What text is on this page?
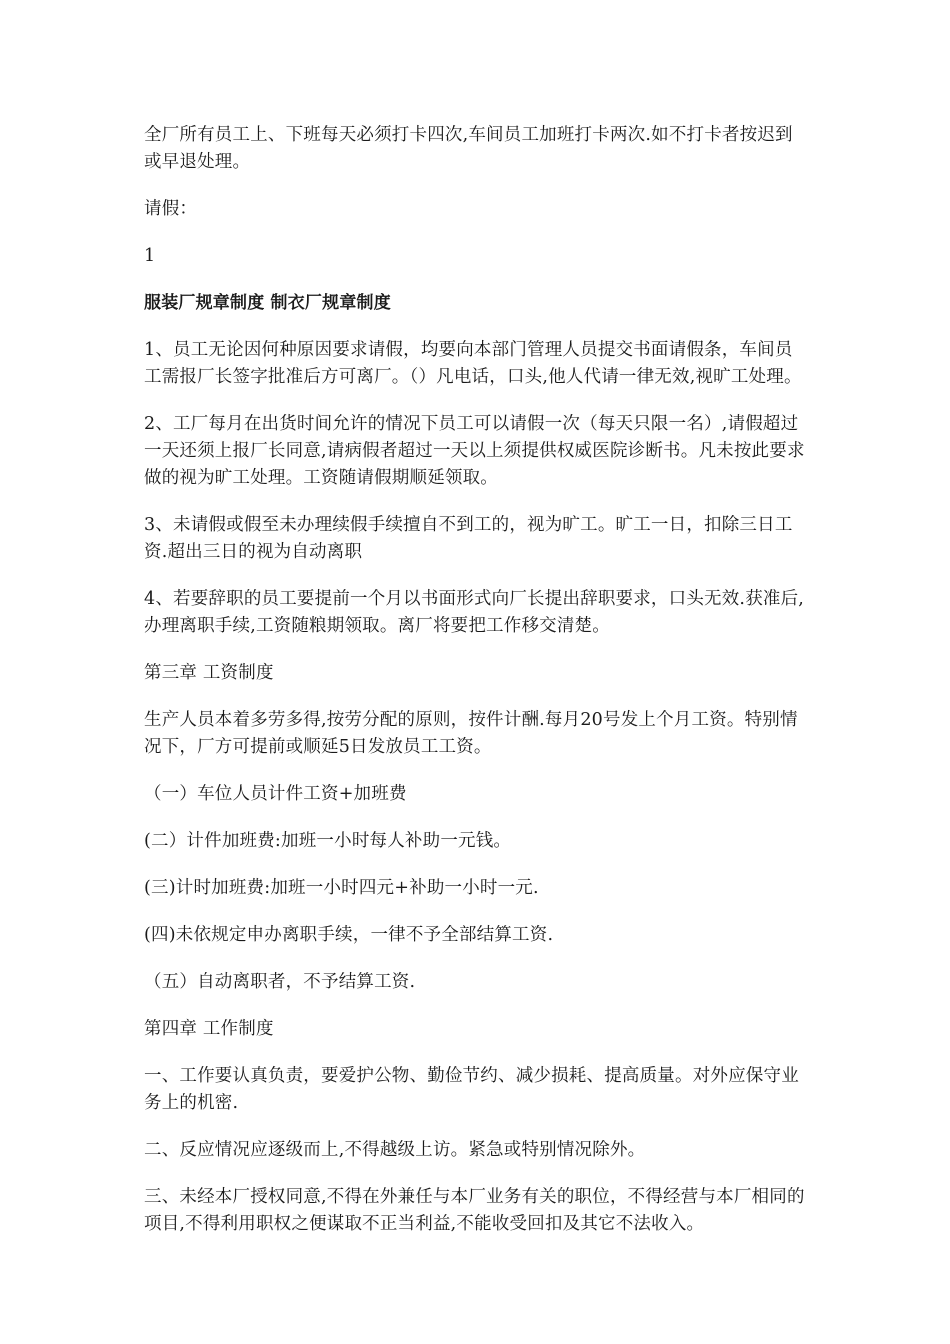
全厂所有员工上、下班每天必须打卡四次,车间员工加班打卡两次.如不打卡者按迟到或早退处理。

请假：

1

服装厂规章制度 制衣厂规章制度

1、员工无论因何种原因要求请假，均要向本部门管理人员提交书面请假条，车间员工需报厂长签字批准后方可离厂。（）凡电话，口头,他人代请一律无效,视旷工处理。

2、工厂每月在出货时间允许的情况下员工可以请假一次（每天只限一名）,请假超过一天还须上报厂长同意,请病假者超过一天以上须提供权威医院诊断书。凡未按此要求做的视为旷工处理。工资随请假期顺延领取。

3、未请假或假至未办理续假手续擅自不到工的，视为旷工。旷工一日，扣除三日工资.超出三日的视为自动离职

4、若要辞职的员工要提前一个月以书面形式向厂长提出辞职要求，口头无效.获准后,办理离职手续,工资随粮期领取。离厂将要把工作移交清楚。

第三章 工资制度

生产人员本着多劳多得,按劳分配的原则，按件计酬.每月20号发上个月工资。特别情况下，厂方可提前或顺延5日发放员工工资。

（一）车位人员计件工资+加班费

(二）计件加班费:加班一小时每人补助一元钱。

(三)计时加班费:加班一小时四元+补助一小时一元.

(四)未依规定申办离职手续，一律不予全部结算工资.

（五）自动离职者，不予结算工资.

第四章 工作制度

一、工作要认真负责，要爱护公物、勤俭节约、减少损耗、提高质量。对外应保守业务上的机密.

二、反应情况应逐级而上,不得越级上访。紧急或特别情况除外。

三、未经本厂授权同意,不得在外兼任与本厂业务有关的职位，不得经营与本厂相同的项目,不得利用职权之便谋取不正当利益,不能收受回扣及其它不法收入。
